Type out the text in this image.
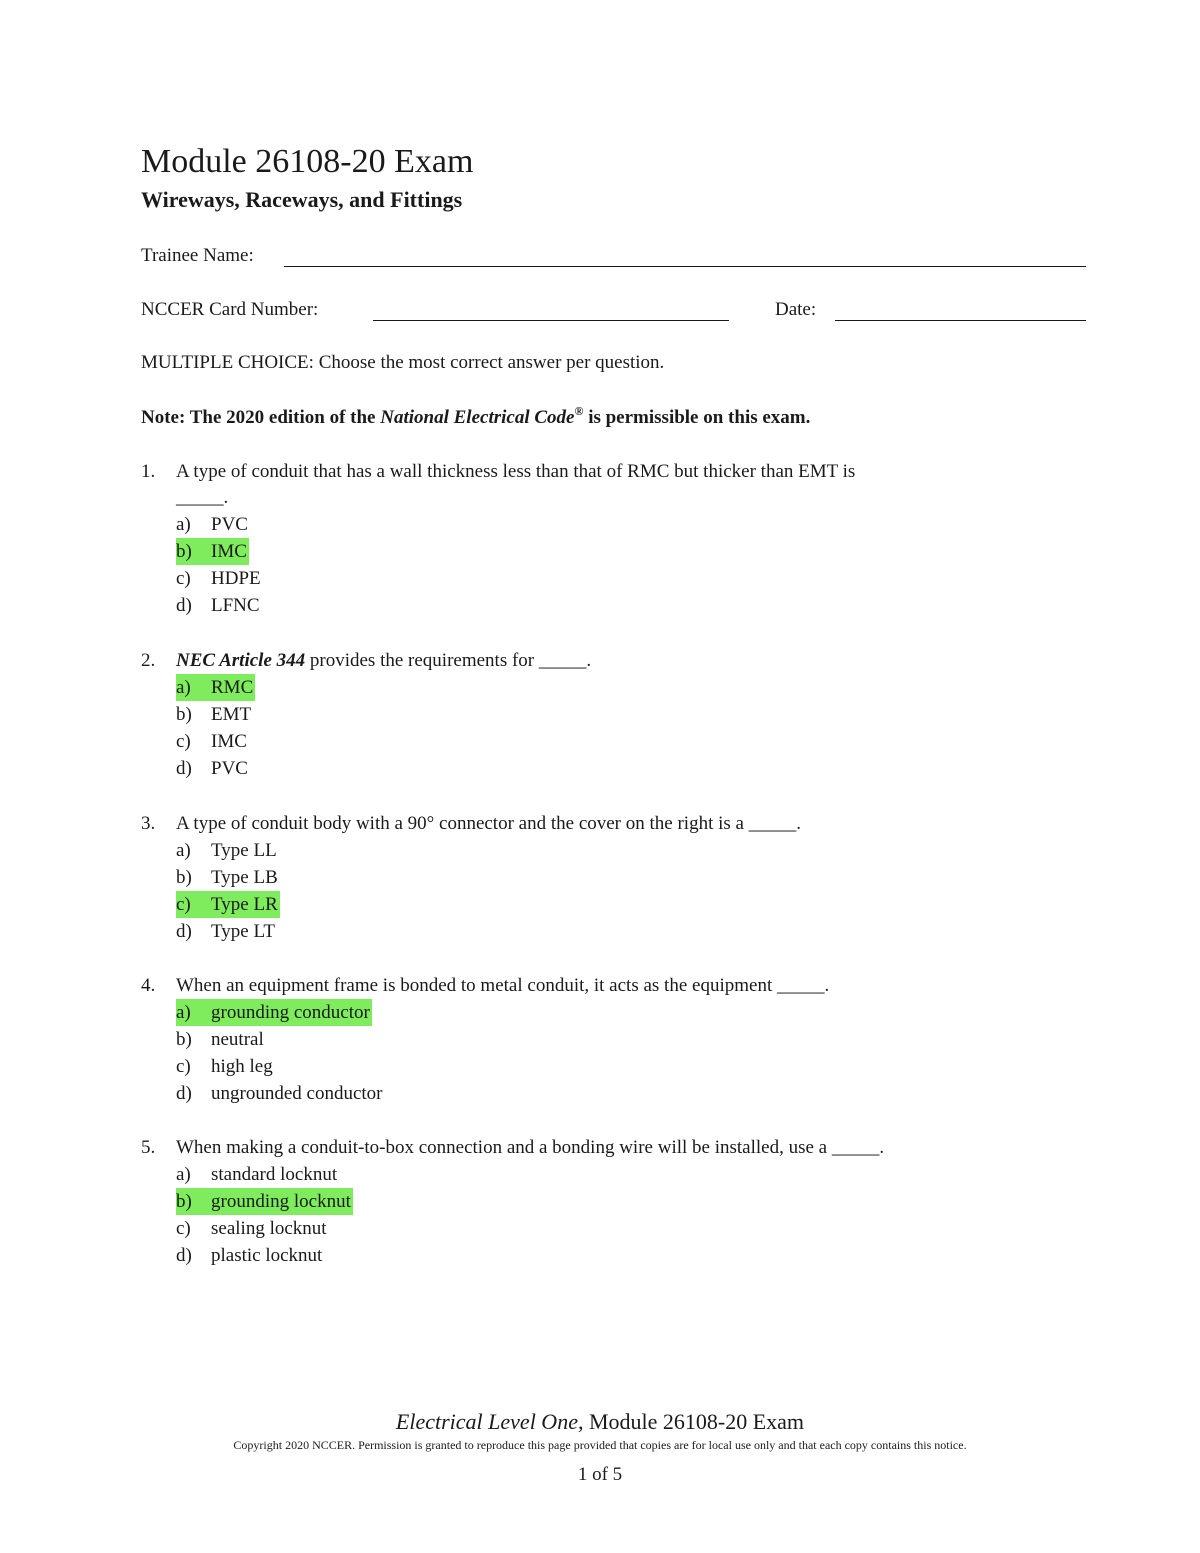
Module 26108-20 Exam
Wireways, Raceways, and Fittings
Trainee Name:
NCCER Card Number:	Date:
MULTIPLE CHOICE: Choose the most correct answer per question.
Note: The 2020 edition of the National Electrical Code® is permissible on this exam.
1. A type of conduit that has a wall thickness less than that of RMC but thicker than EMT is
_____.
a) PVC
b) IMC
c) HDPE
d) LFNC
2. NEC Article 344 provides the requirements for _____.
a) RMC
b) EMT
c) IMC
d) PVC
3. A type of conduit body with a 90° connector and the cover on the right is a _____.
a) Type LL
b) Type LB
c) Type LR
d) Type LT
4. When an equipment frame is bonded to metal conduit, it acts as the equipment _____.
a) grounding conductor
b) neutral
c) high leg
d) ungrounded conductor
5. When making a conduit-to-box connection and a bonding wire will be installed, use a _____.
a) standard locknut
b) grounding locknut
c) sealing locknut
d) plastic locknut
Electrical Level One, Module 26108-20 Exam
Copyright 2020 NCCER. Permission is granted to reproduce this page provided that copies are for local use only and that each copy contains this notice.
1 of 5
